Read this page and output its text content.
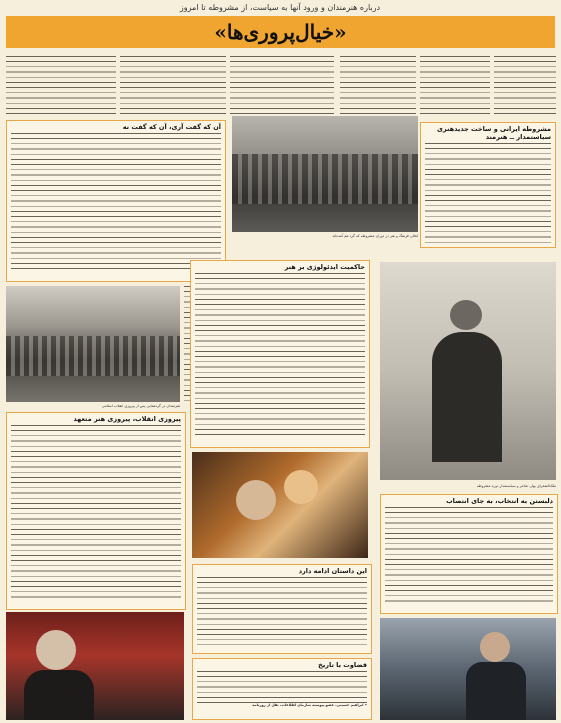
درباره هنرمندان و ورود آنها به سیاست، از مشروطه تا امروز
«خیال‌پروری‌ها»
اهالی فرهنگ و هنر در دوران مشروطه که گرد هم آمده‌اند
مشروطه ایرانی و ساخت جدیدهنری سیاستمدار ــ هنرمند
آن که گفت آری، آن که گفت نه
هنرمندان در گردهمایی پس از پیروزی انقلاب اسلامی
حاکمیت ایدئولوژی بر هنر
ملک‌الشعرای بهار، شاعر و سیاستمدار دوره مشروطه
پیروزی انقلاب، پیروزی هنر متعهد
دلبستن به انتخاب، به جای انتصاب
این داستان ادامه دارد
قضاوت با تاریخ
• ابراهیم حسینی، عضو پیوسته سازمان اطلاعات، نقل از روزنامه
